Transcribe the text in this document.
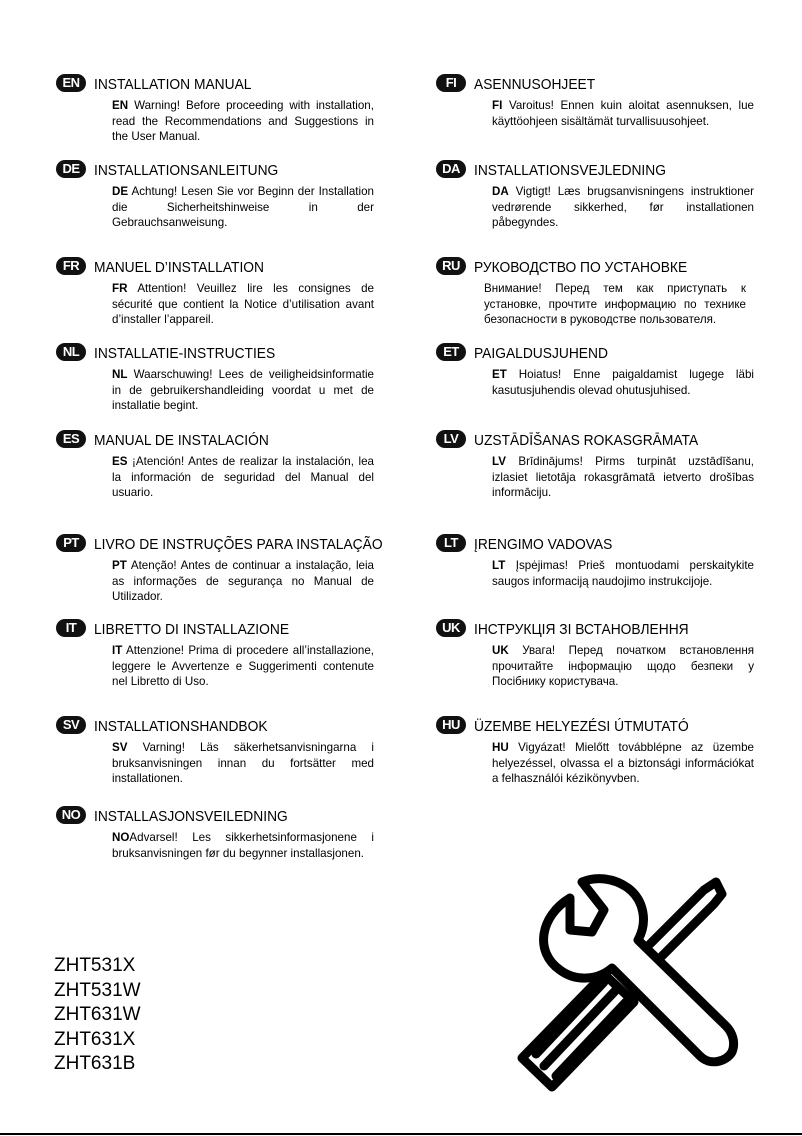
EN INSTALLATION MANUAL
EN Warning! Before proceeding with installation, read the Recommendations and Suggestions in the User Manual.
DE INSTALLATIONSANLEITUNG
DE Achtung! Lesen Sie vor Beginn der Installation die Sicherheitshinweise in der Gebrauchsanweisung.
FR MANUEL D’INSTALLATION
FR Attention! Veuillez lire les consignes de sécurité que contient la Notice d’utilisation avant d’installer l’appareil.
NL INSTALLATIE-INSTRUCTIES
NL Waarschuwing! Lees de veiligheidsinformatie in de gebruikershandleiding voordat u met de installatie begint.
ES MANUAL DE INSTALACIÓN
ES ¡Atención! Antes de realizar la instalación, lea la información de seguridad del Manual del usuario.
PT	LIVRO DE INSTRUÇÕES PARA INSTALAÇÃO
PT Atenção! Antes de continuar a instalação, leia as informações de segurança no Manual de Utilizador.
IT	LIBRETTO DI INSTALLAZIONE
IT Attenzione! Prima di procedere all’installazione, leggere le Avvertenze e Suggerimenti contenute nel Libretto di Uso.
SV INSTALLATIONSHANDBOK
SV Varning! Läs säkerhetsanvisningarna i bruksanvisningen innan du fortsätter med installationen.
NO INSTALLASJONSVEILEDNING
NOAdvarsel! Les sikkerhetsinformasjonene i bruksanvisningen før du begynner installasjonen.
FI	ASENNUSOHJEET
FI Varoitus! Ennen kuin aloitat asennuksen, lue käyttöohjeen sisältämät turvallisuusohjeet.
DA INSTALLATIONSVEJLEDNING
DA Vigtigt! Læs brugsanvisningens instruktioner vedrørende sikkerhed, før installationen påbegyndes.
RU РУКОВОДСТВО ПО УСТАНОВКЕ
Внимание! Перед тем как приступать к установке, прочтите информацию по технике безопасности в руководстве пользователя.
ET	PAIGALDUSJUHEND
ET Hoiatus! Enne paigaldamist lugege läbi kasutusjuhendis olevad ohutusjuhised.
LV	UZSTĀDĪŠANAS ROKASGRĀMATA
LV Brīdinājums! Pirms turpināt uzstādīšanu, izlasiet lietotāja rokasgrāmatā ietverto drošības informāciju.
LT	ĮRENGIMO VADOVAS
LT Įspėjimas! Prieš montuodami perskaitykite saugos informaciją naudojimo instrukcijoje.
UK ІНСТРУКЦІЯ ЗІ ВСТАНОВЛЕННЯ
UK Увага! Перед початком встановлення прочитайте інформацію щодо безпеки у Посібнику користувача.
HU ÜZEMBE HELYEZÉSI ÚTMUTATÓ
HU Vigyázat! Mielőtt továbblépne az üzembe helyezéssel, olvassa el a biztonsági információkat a felhasználói kézikönyvben.
ZHT531X
ZHT531W
ZHT631W
ZHT631X
ZHT631B
